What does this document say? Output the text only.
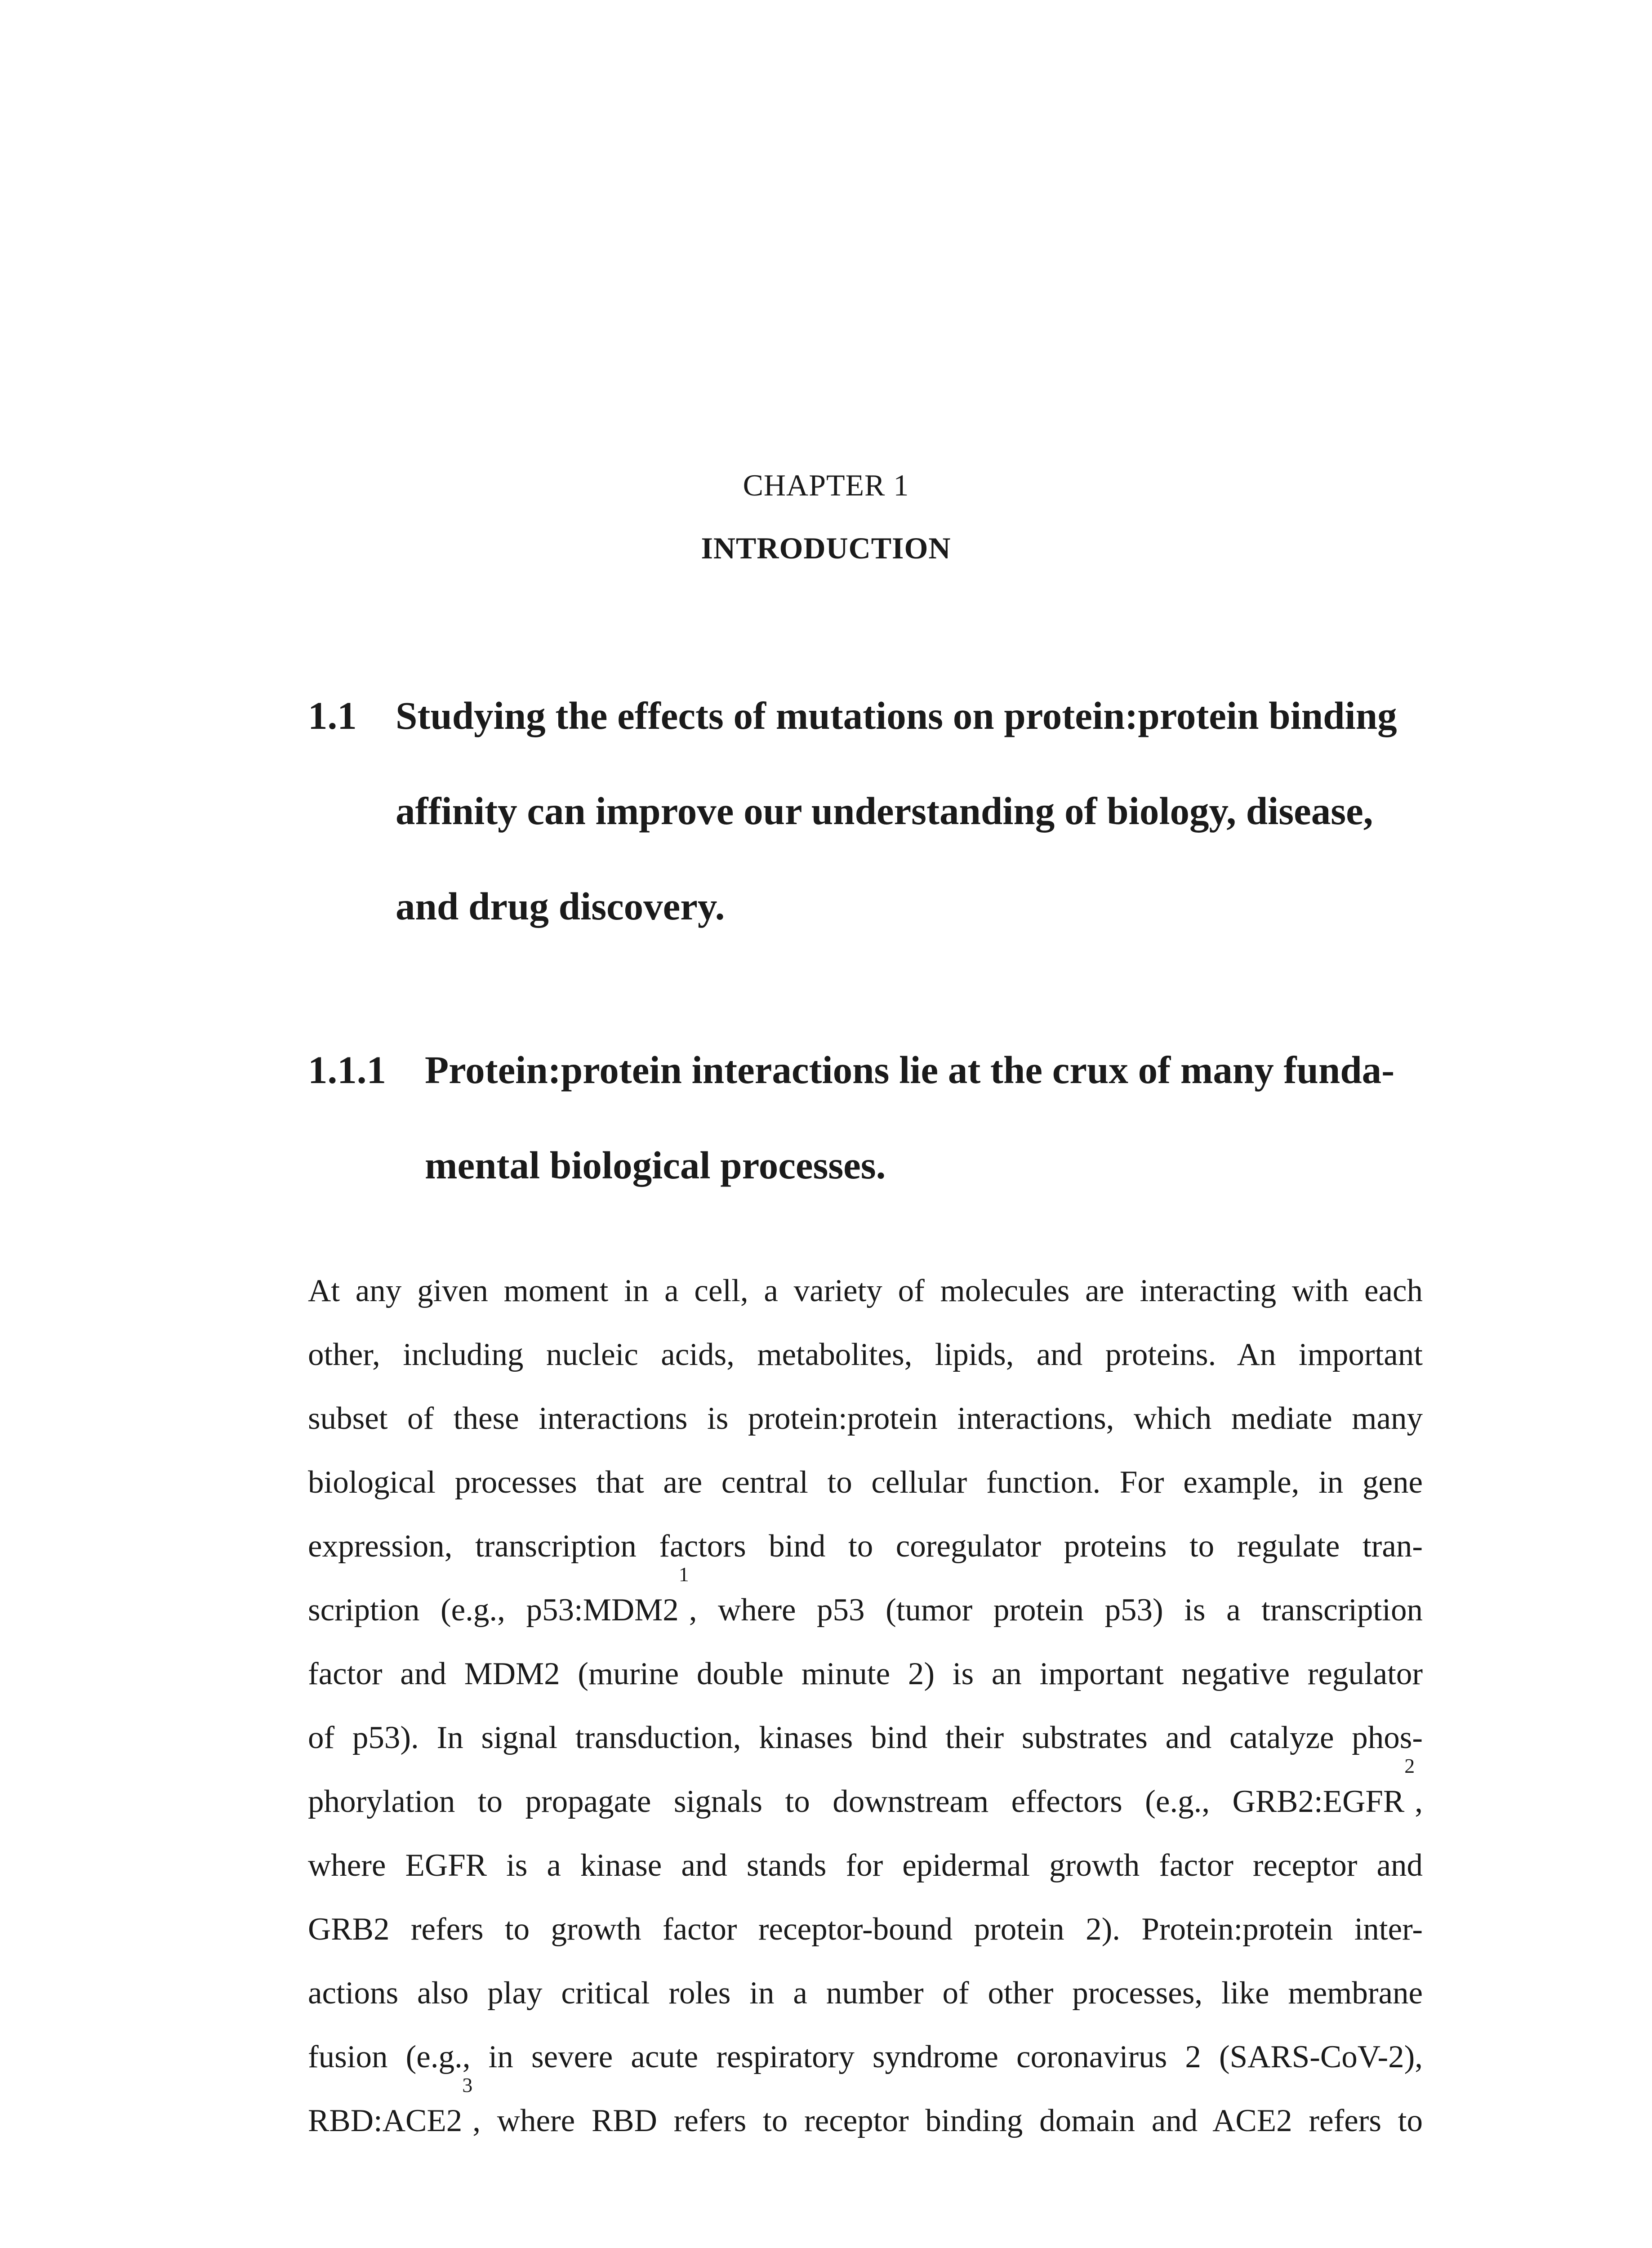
CHAPTER 1
INTRODUCTION
1.1 Studying the effects of mutations on protein:protein binding
affinity can improve our understanding of biology, disease,
and drug discovery.
1.1.1 Protein:protein interactions lie at the crux of many funda-
mental biological processes.
At any given moment in a cell, a variety of molecules are interacting with each
other, including nucleic acids, metabolites, lipids, and proteins. An important
subset of these interactions is protein:protein interactions, which mediate many
biological processes that are central to cellular function. For example, in gene
expression, transcription factors bind to coregulator proteins to regulate tran-
scription (e.g., $p53:MDM2^1$, where p53 (tumor protein p53) is a transcription
factor and MDM2 (murine double minute 2) is an important negative regulator
of p53). In signal transduction, kinases bind their substrates and catalyze phos-
phorylation to propagate signals to downstream effectors (e.g., GRB2:EGFR$^2$,
where EGFR is a kinase and stands for epidermal growth factor receptor and
GRB2 refers to growth factor receptor-bound protein 2). Protein:protein inter-
actions also play critical roles in a number of other processes, like membrane
fusion (e.g., in severe acute respiratory syndrome coronavirus 2 (SARS-CoV-2),
$RBD:ACE2^3$, where RBD refers to receptor binding domain and ACE2 refers to
